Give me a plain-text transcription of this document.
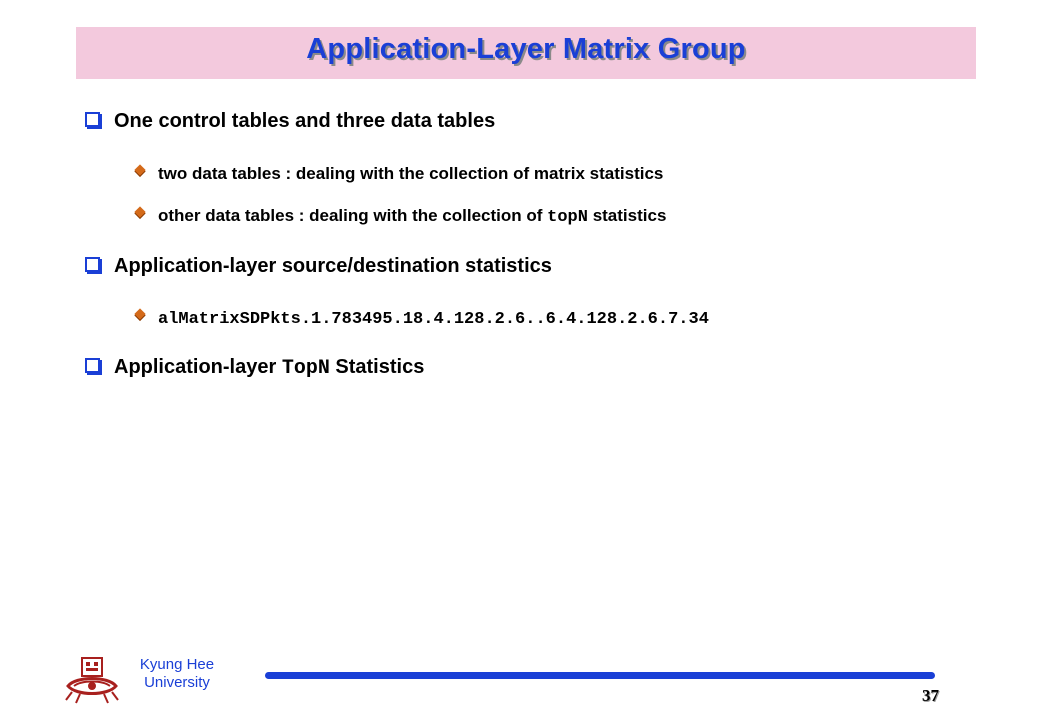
Application-Layer Matrix Group
One control tables and three data tables
two data tables : dealing with the collection of matrix statistics
other data tables : dealing with the collection of topN statistics
Application-layer source/destination statistics
alMatrixSDPkts.1.783495.18.4.128.2.6..6.4.128.2.6.7.34
Application-layer TopN Statistics
Kyung Hee
University
37
